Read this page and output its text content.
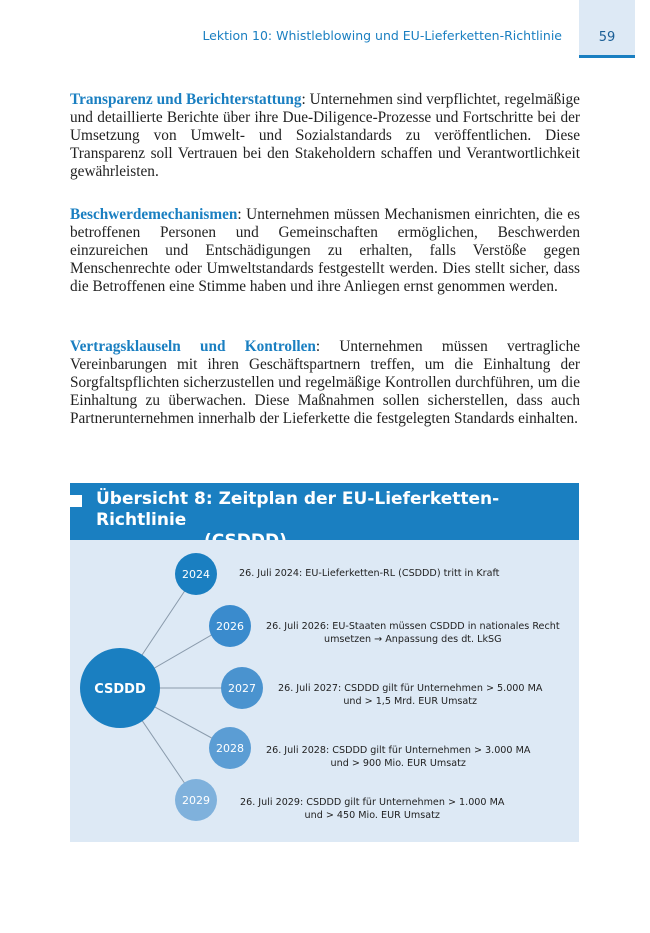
Lektion 10: Whistleblowing und EU-Lieferketten-Richtlinie	59

Transparenz und Berichterstattung: Unternehmen sind verpflichtet, regelmäßige und detaillierte Berichte über ihre Due-Diligence-Prozesse und Fortschritte bei der Umsetzung von Umwelt- und Sozialstandards zu veröffentlichen. Diese Transparenz soll Vertrauen bei den Stakeholdern schaffen und Verantwortlichkeit gewährleisten.

Beschwerdemechanismen: Unternehmen müssen Mechanismen einrichten, die es betroffenen Personen und Gemeinschaften ermöglichen, Beschwerden einzureichen und Entschädigungen zu erhalten, falls Verstöße gegen Menschenrechte oder Umweltstandards festgestellt werden. Dies stellt sicher, dass die Betroffenen eine Stimme haben und ihre Anliegen ernst genommen werden.

Vertragsklauseln und Kontrollen: Unternehmen müssen vertragliche Vereinbarungen mit ihren Geschäftspartnern treffen, um die Einhaltung der Sorgfaltspflichten sicherzustellen und regelmäßige Kontrollen durchführen, um die Einhaltung zu überwachen. Diese Maßnahmen sollen sicherstellen, dass auch Partnerunternehmen innerhalb der Lieferkette die festgelegten Standards einhalten.

Übersicht 8: Zeitplan der EU-Lieferketten-Richtlinie

CSDDD
2024
2026
2027
2028
2029
26. Juli 2024: EU-Lieferketten-RL (CSDDD) tritt in Kraft
26. Juli 2026: EU-Staaten müssen CSDDD in nationales Recht
umsetzen → Anpassung des dt. LkSG
26. Juli 2027: CSDDD gilt für Unternehmen > 5.000 MA
und > 1,5 Mrd. EUR Umsatz
26. Juli 2028: CSDDD gilt für Unternehmen > 3.000 MA
und > 900 Mio. EUR Umsatz
26. Juli 2029: CSDDD gilt für Unternehmen > 1.000 MA
und > 450 Mio. EUR Umsatz
